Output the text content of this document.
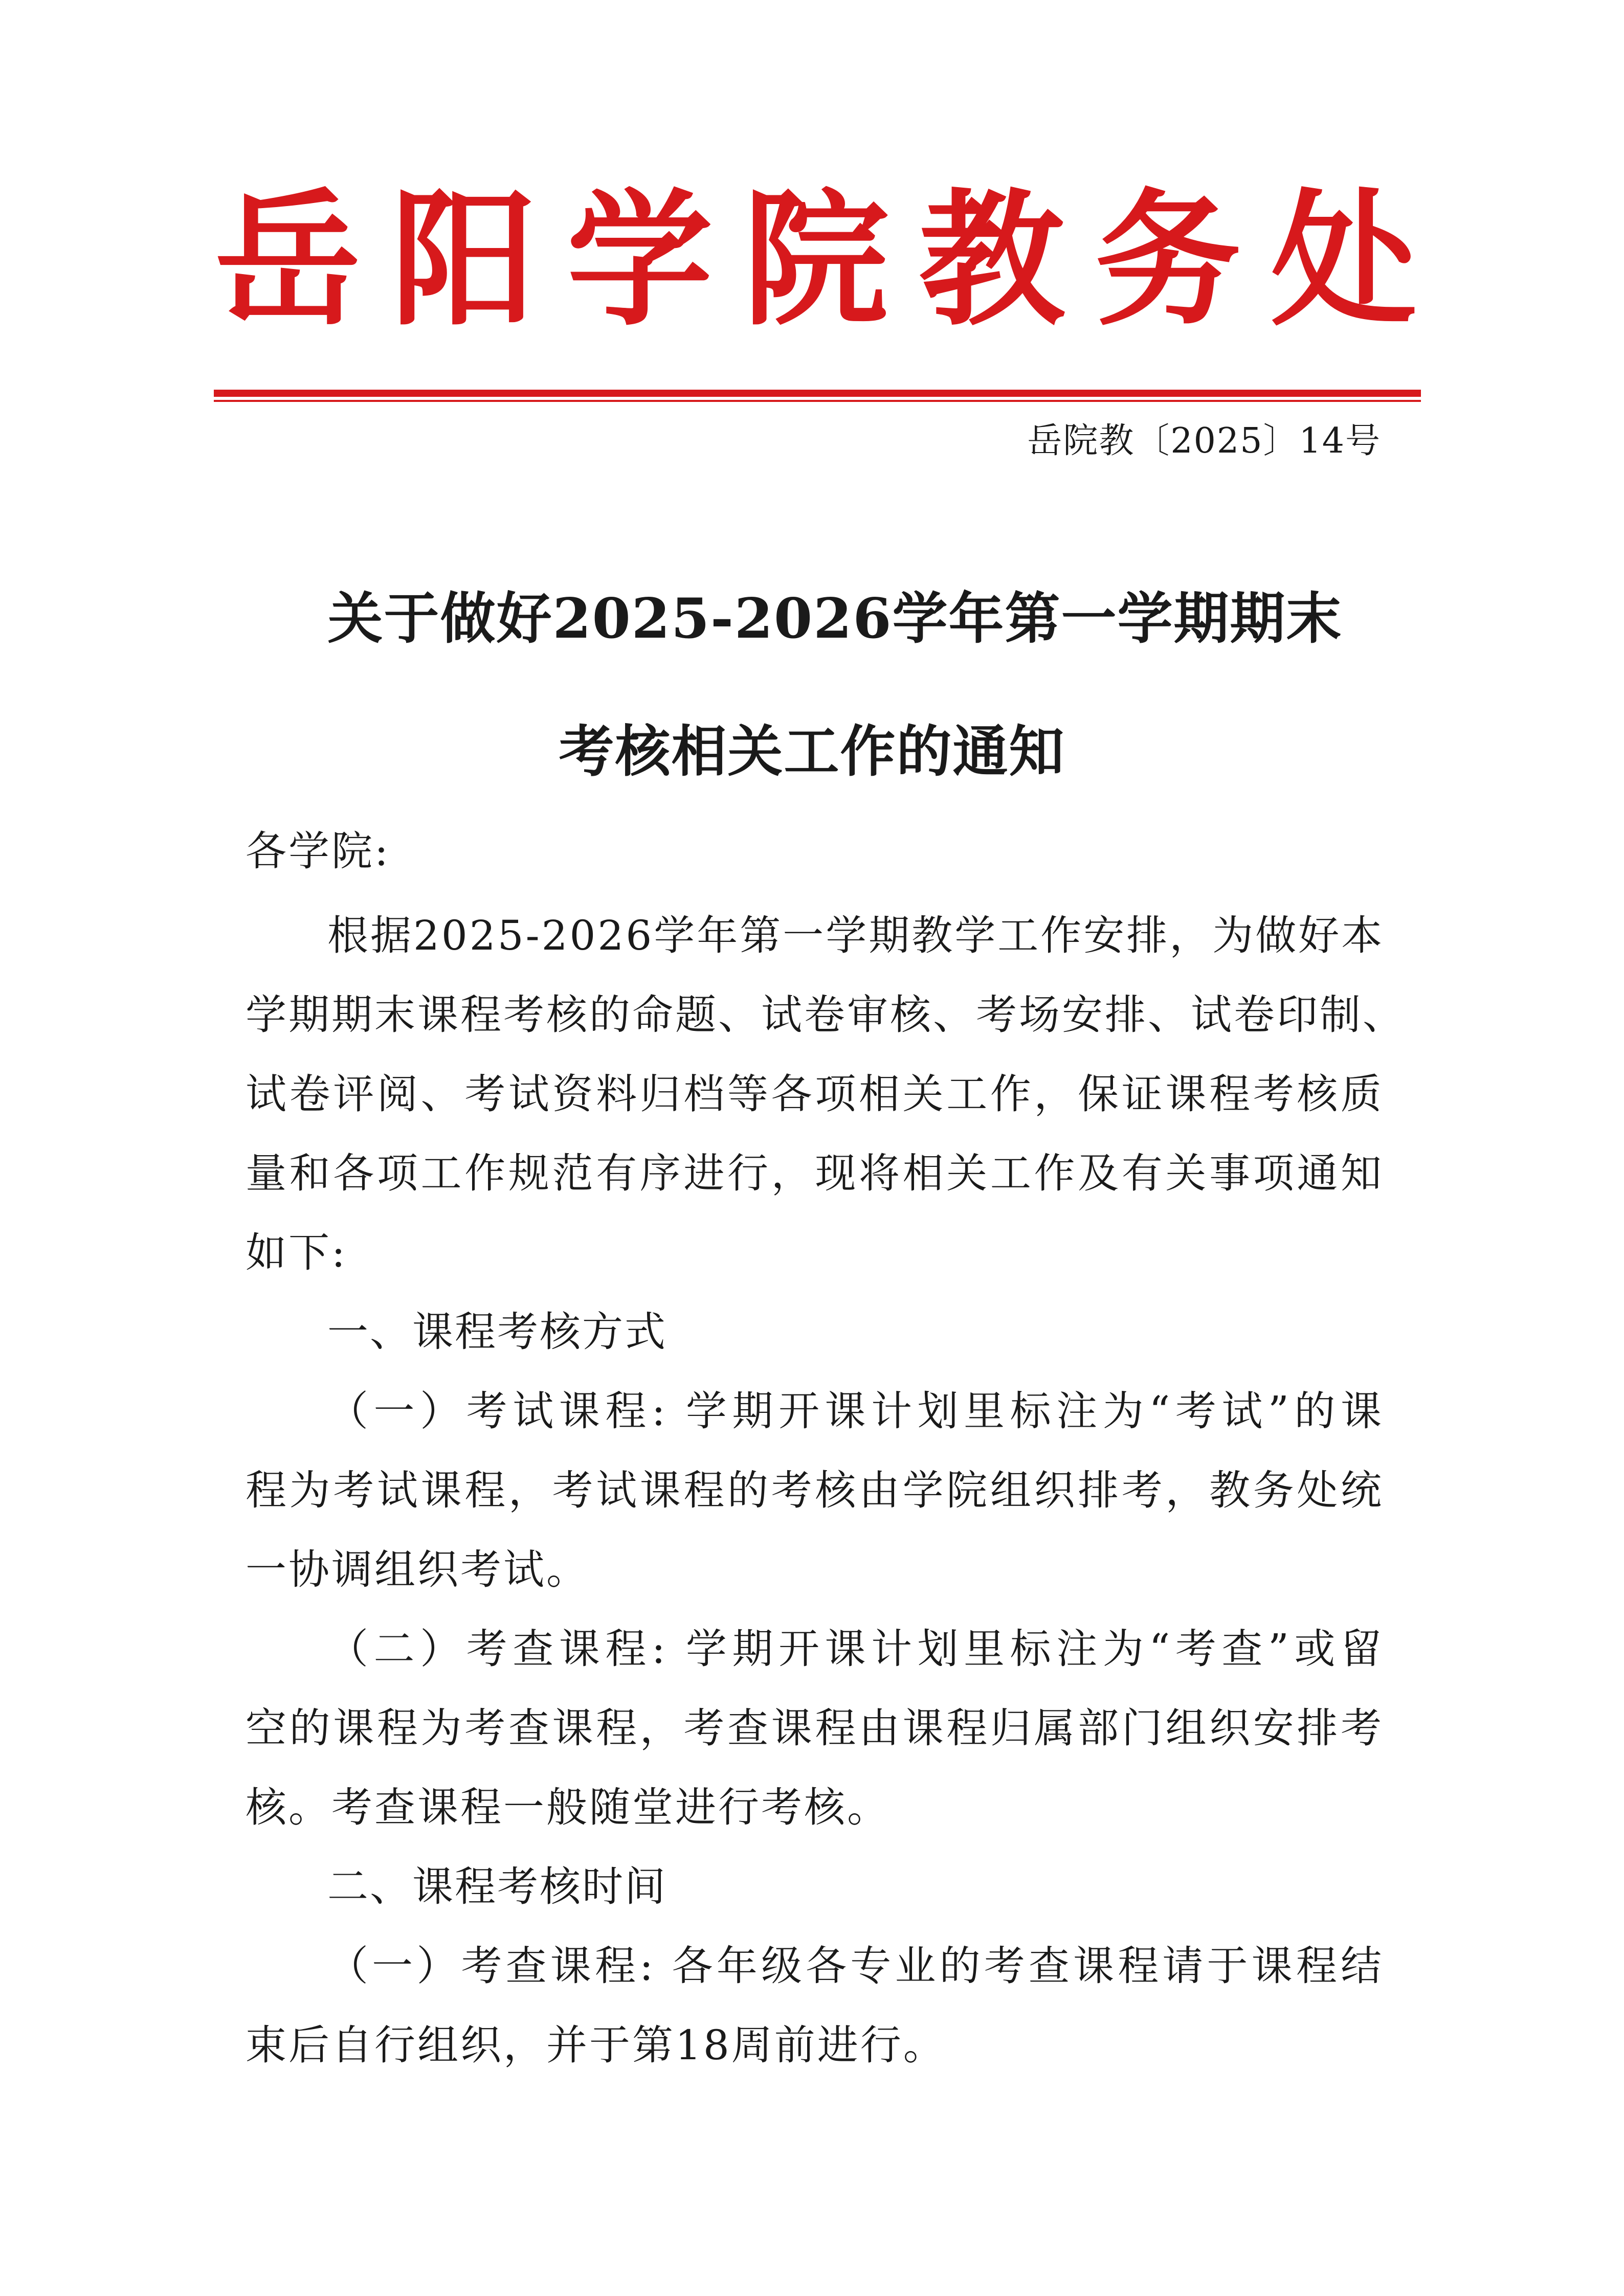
岳 阳 学 院 教 务 处
岳院教〔2025〕14号
关于做好2025-2026学年第一学期期末
考核相关工作的通知
各学院:
根据2025-2026学年第一学期教学工作安排，为做好本
学期期末课程考核的命题、试卷审核、考场安排、试卷印制、
试卷评阅、考试资料归档等各项相关工作，保证课程考核质
量和各项工作规范有序进行，现将相关工作及有关事项通知
如下:
一、课程考核方式
（一）考试课程: 学期开课计划里标注为“考试”的课
程为考试课程，考试课程的考核由学院组织排考，教务处统
一协调组织考试。
（二）考查课程: 学期开课计划里标注为“考查”或留
空的课程为考查课程，考查课程由课程归属部门组织安排考
核。考查课程一般随堂进行考核。
二、课程考核时间
（一）考查课程: 各年级各专业的考查课程请于课程结
束后自行组织，并于第18周前进行。
